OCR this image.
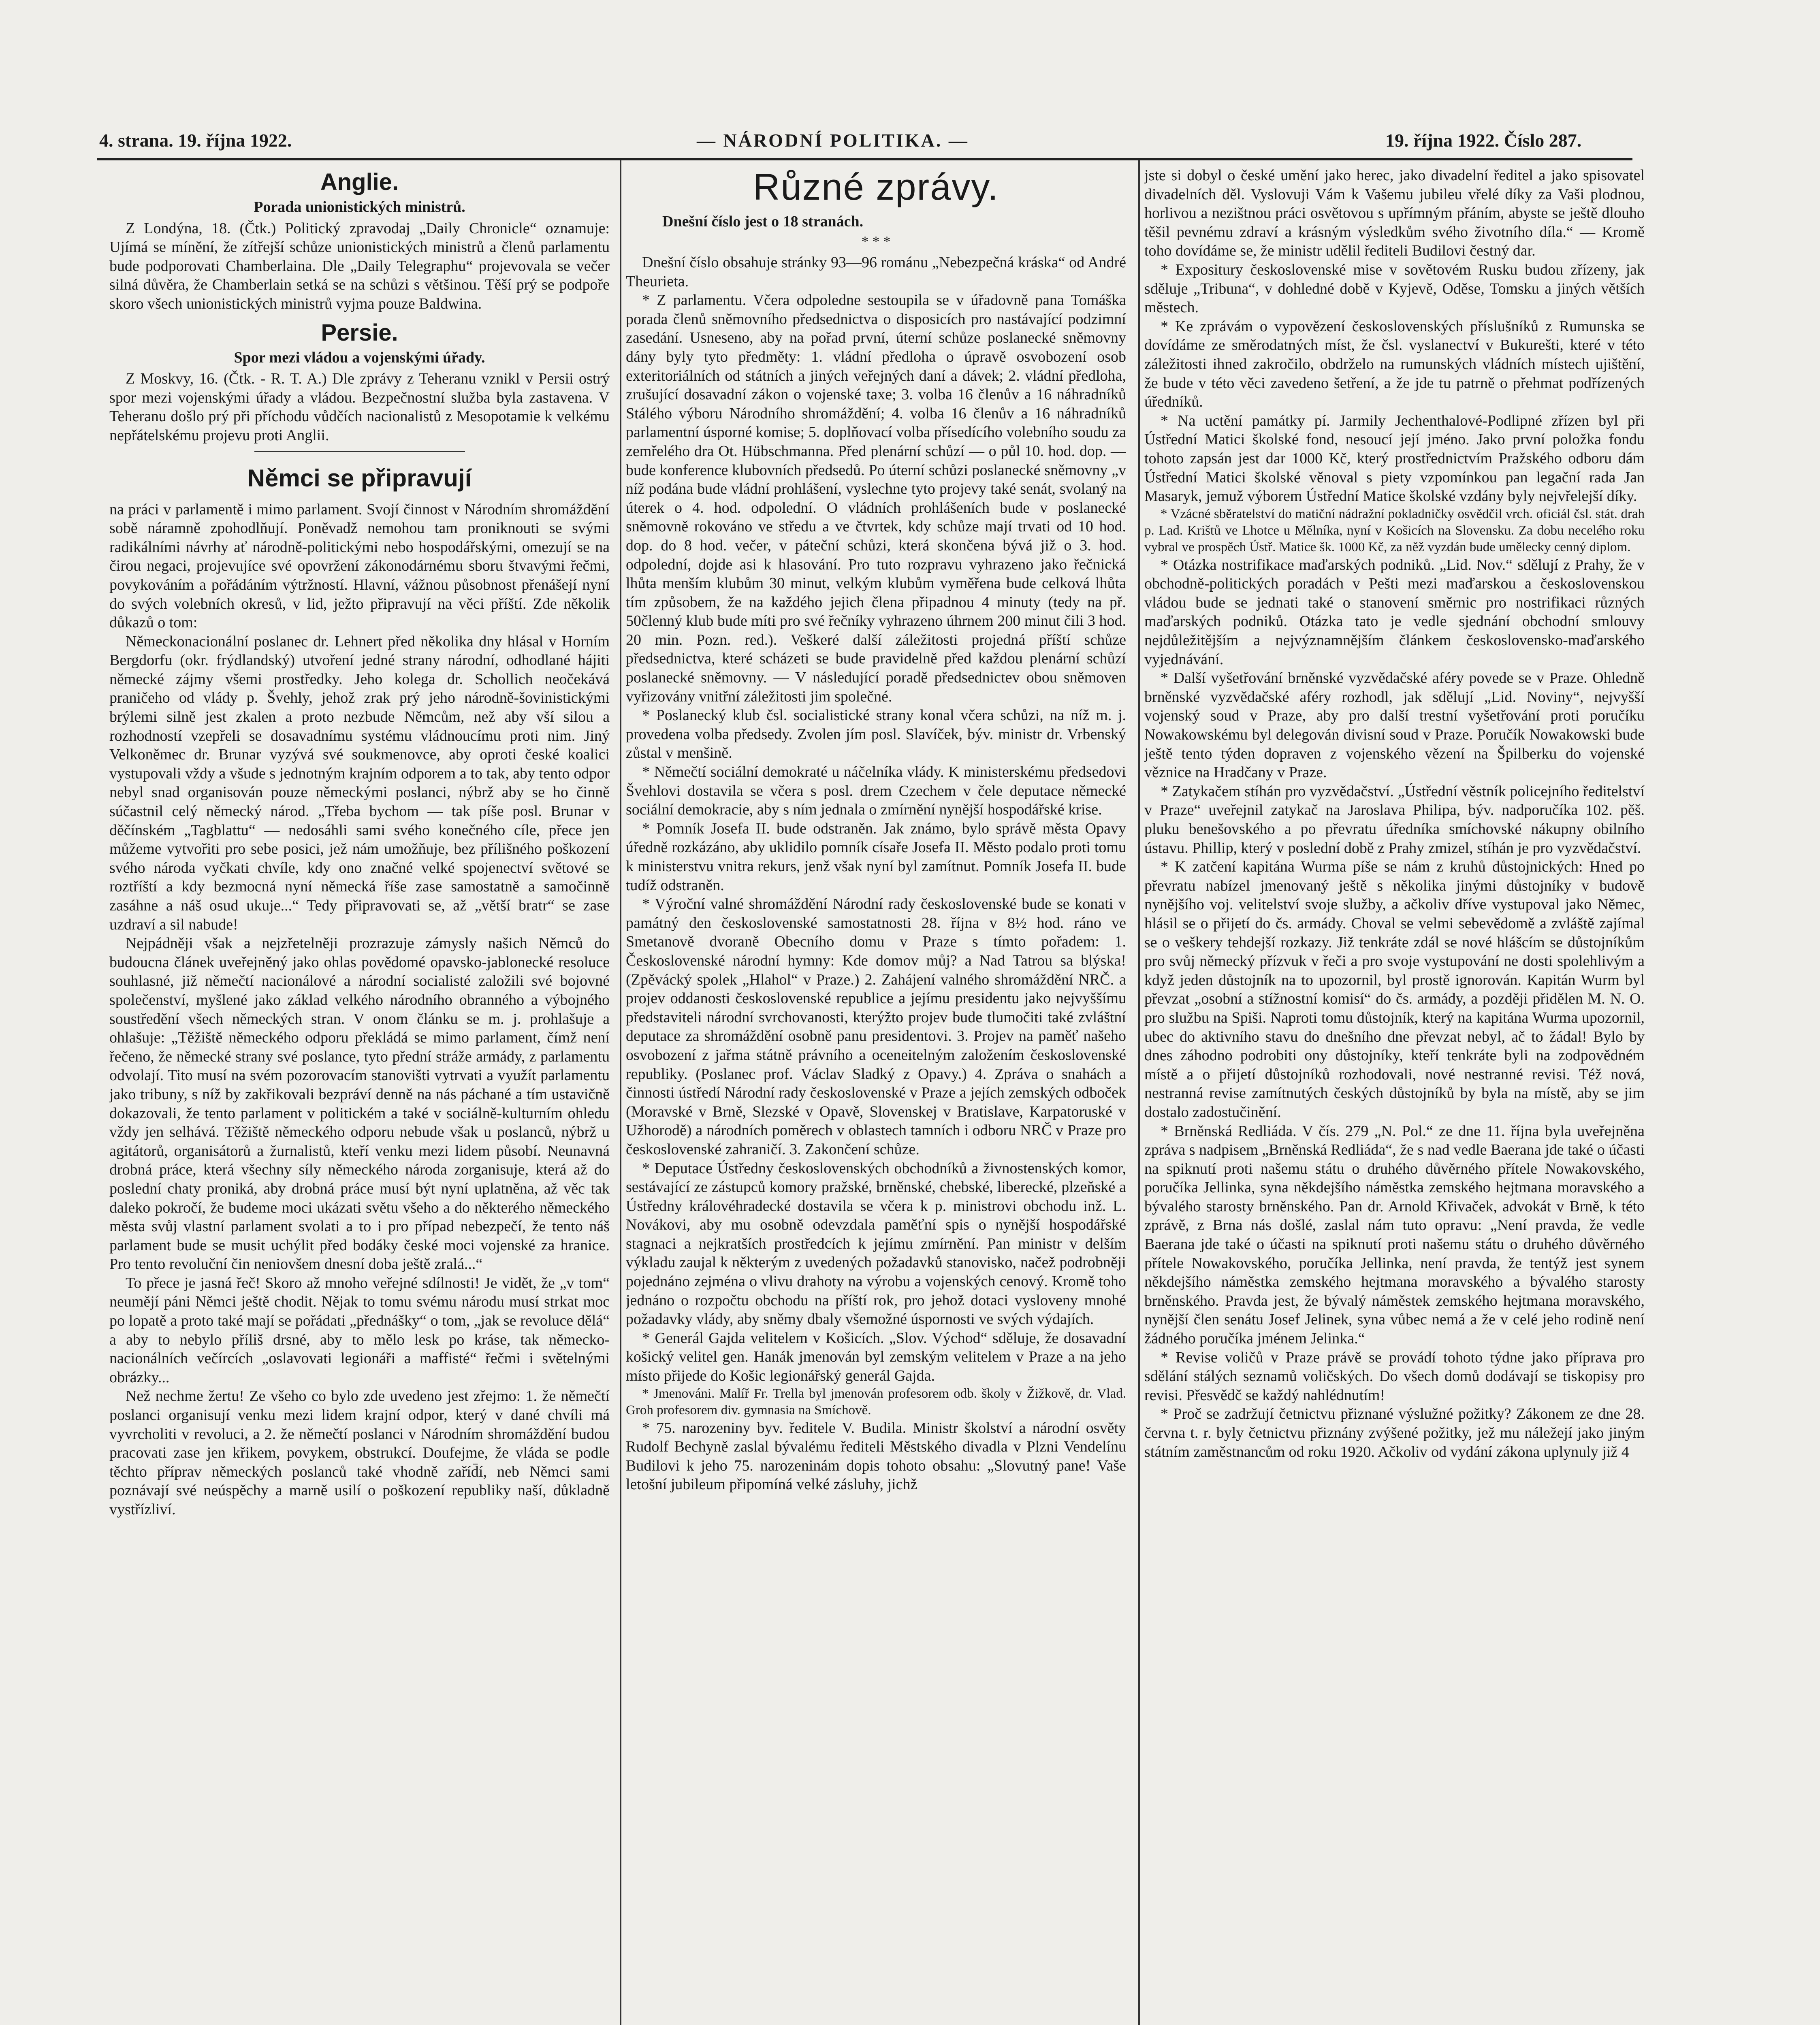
4. strana. 19. října 1922.	— NÁRODNÍ POLITIKA. —	19. října 1922. Číslo 287.
Anglie.
Porada unionistických ministrů.

Z Londýna, 18. (Čtk.) Politický zpravodaj „Daily Chronicle“ oznamuje: Ujímá se mínění, že zítřejší schůze unionistických ministrů a členů parlamentu bude podporovati Chamberlaina. Dle „Daily Telegraphu“ projevovala se večer silná důvěra, že Chamberlain setká se na schůzi s většinou. Těší prý se podpoře skoro všech unionistických ministrů vyjma pouze Baldwina.

Persie.
Spor mezi vládou a vojenskými úřady.

Z Moskvy, 16. (Čtk. - R. T. A.) Dle zprávy z Teheranu vznikl v Persii ostrý spor mezi vojenskými úřady a vládou. Bezpečnostní služba byla zastavena. V Teheranu došlo prý při příchodu vůdčích nacionalistů z Mesopotamie k velkému nepřátelskému projevu proti Anglii.

Němci se připravují

na práci v parlamentě i mimo parlament. Svojí činnost v Národním shromáždění sobě náramně zpohodlňují. Poněvadž nemohou tam proniknouti se svými radikálními návrhy ať národně-politickými nebo hospodářskými, omezují se na čirou negaci, projevujíce své opovržení zákonodárnému sboru štvavými řečmi, povykováním a pořádáním výtržností. Hlavní, vážnou působnost přenášejí nyní do svých volebních okresů, v lid, ježto připravují na věci příští. Zde několik důkazů o tom:

Německonacionální poslanec dr. Lehnert před několika dny hlásal v Horním Bergdorfu (okr. frýdlandský) utvoření jedné strany národní, odhodlané hájiti německé zájmy všemi prostředky. Jeho kolega dr. Schollich neočekává praničeho od vlády p. Švehly, jehož zrak prý jeho národně-šovinistickými brýlemi silně jest zkalen a proto nezbude Němcům, než aby vší silou a rozhodností vzepřeli se dosavadnímu systému vládnoucímu proti nim. Jiný Velkoněmec dr. Brunar vyzývá své soukmenovce, aby oproti české koalici vystupovali vždy a všude s jednotným krajním odporem a to tak, aby tento odpor nebyl snad organisován pouze německými poslanci, nýbrž aby se ho činně súčastnil celý německý národ. „Třeba bychom — tak píše posl. Brunar v děčínském „Tagblattu“ — nedosáhli sami svého konečného cíle, přece jen můžeme vytvořiti pro sebe posici, jež nám umožňuje, bez přílišného poškození svého národa vyčkati chvíle, kdy ono značné velké spojenectví světové se roztříští a kdy bezmocná nyní německá říše zase samostatně a samočinně zasáhne a náš osud ukuje...“ Tedy připravovati se, až „větší bratr“ se zase uzdraví a sil nabude!

Nejpádněji však a nejzřetelněji prozrazuje zámysly našich Němců do budoucna článek uveřejněný jako ohlas povědomé opavsko-jablonecké resoluce souhlasné, již němečtí nacionálové a národní socialisté založili své bojovné společenství, myšlené jako základ velkého národního obranného a výbojného soustředění všech německých stran. V onom článku se m. j. prohlašuje a ohlašuje: „Těžiště německého odporu překládá se mimo parlament, čímž není řečeno, že německé strany své poslance, tyto přední stráže armády, z parlamentu odvolají. Tito musí na svém pozorovacím stanovišti vytrvati a využít parlamentu jako tribuny, s níž by zakřikovali bezpráví denně na nás páchané a tím ustavičně dokazovali, že tento parlament v politickém a také v sociálně-kulturním ohledu vždy jen selhává. Těžiště německého odporu nebude však u poslanců, nýbrž u agitátorů, organisátorů a žurnalistů, kteří venku mezi lidem působí. Neunavná drobná práce, která všechny síly německého národa zorganisuje, která až do poslední chaty proniká, aby drobná práce musí být nyní uplatněna, až věc tak daleko pokročí, že budeme moci ukázati světu všeho a do některého německého města svůj vlastní parlament svolati a to i pro případ nebezpečí, že tento náš parlament bude se musit uchýlit před bodáky české moci vojenské za hranice. Pro tento revoluční čin neniovšem dnesní doba ještě zralá...“

To přece je jasná řeč! Skoro až mnoho veřejné sdílnosti! Je vidět, že „v tom“ neumějí páni Němci ještě chodit. Nějak to tomu svému národu musí strkat moc po lopatě a proto také mají se pořádati „přednášky“ o tom, „jak se revoluce dělá“ a aby to nebylo příliš drsné, aby to mělo lesk po kráse, tak německo-nacionálních večírcích „oslavovati legionáři a maffisté“ řečmi i světelnými obrázky...

Než nechme žertu! Ze všeho co bylo zde uvedeno jest zřejmo: 1. že němečtí poslanci organisují venku mezi lidem krajní odpor, který v dané chvíli má vyvrcholiti v revoluci, a 2. že němečtí poslanci v Národním shromáždění budou pracovati zase jen křikem, povykem, obstrukcí. Doufejme, že vláda se podle těchto příprav německých poslanců také vhodně zaříd̄í, neb Němci sami poznávají své neúspěchy a marně usilí o poškození republiky naší, důkladně vystřízliví.

Různé zprávy.
Dnešní číslo jest o 18 stranách.
* * *

Dnešní číslo obsahuje stránky 93—96 románu „Nebezpečná kráska“ od André Theurieta.

* Z parlamentu. Včera odpoledne sestoupila se v úřadovně pana Tomáška porada členů sněmovního předsednictva o disposicích pro nastávající podzimní zasedání. Usneseno, aby na pořad první, úterní schůze poslanecké sněmovny dány byly tyto předměty: 1. vládní předloha o úpravě osvobození osob exteritoriálních od státních a jiných veřejných daní a dávek; 2. vládní předloha, zrušující dosavadní zákon o vojenské taxe; 3. volba 16 členův a 16 náhradníků Stálého výboru Národního shromáždění; 4. volba 16 členův a 16 náhradníků parlamentní úsporné komise; 5. doplňovací volba přísedícího volebního soudu za zemřelého dra Ot. Hübschmanna. Před plenární schůzí — o půl 10. hod. dop. — bude konference klubovních předsedů. Po úterní schůzi poslanecké sněmovny „v níž podána bude vládní prohlášení, vyslechne tyto projevy také senát, svolaný na úterek o 4. hod. odpolední. O vládních prohlášeních bude v poslanecké sněmovně rokováno ve středu a ve čtvrtek, kdy schůze mají trvati od 10 hod. dop. do 8 hod. večer, v páteční schůzi, která skončena bývá již o 3. hod. odpolední, dojde asi k hlasování. Pro tuto rozpravu vyhrazeno jako řečnická lhůta menším klubům 30 minut, velkým klubům vyměřena bude celková lhůta tím způsobem, že na každého jejich člena připadnou 4 minuty (tedy na př. 50členný klub bude míti pro své řečníky vyhrazeno úhrnem 200 minut čili 3 hod. 20 min. Pozn. red.). Veškeré další záležitosti projedná příští schůze předsednictva, které scházeti se bude pravidelně před každou plenární schůzí poslanecké sněmovny. — V následující poradě předsednictev obou sněmoven vyřizovány vnitřní záležitosti jim společné.

* Poslanecký klub čsl. socialistické strany konal včera schůzi, na níž m. j. provedena volba předsedy. Zvolen jím posl. Slavíček, býv. ministr dr. Vrbenský zůstal v menšině.

* Němečtí sociální demokraté u náčelníka vlády. K ministerskému předsedovi Švehlovi dostavila se včera s posl. drem Czechem v čele deputace německé sociální demokracie, aby s ním jednala o zmírnění nynější hospodářské krise.

* Pomník Josefa II. bude odstraněn. Jak známo, bylo správě města Opavy úředně rozkázáno, aby uklidilo pomník císaře Josefa II. Město podalo proti tomu k ministerstvu vnitra rekurs, jenž však nyní byl zamítnut. Pomník Josefa II. bude tudíž odstraněn.

* Výroční valné shromáždění Národní rady československé bude se konati v památný den československé samostatnosti 28. října v 8½ hod. ráno ve Smetanově dvoraně Obecního domu v Praze s tímto pořadem: 1. Československé národní hymny: Kde domov můj? a Nad Tatrou sa blýska! (Zpěvácký spolek „Hlahol“ v Praze.) 2. Zahájení valného shromáždění NRČ. a projev oddanosti československé republice a jejímu presidentu jako nejvyššímu představiteli národní svrchovanosti, kterýžto projev bude tlumočiti také zvláštní deputace za shromáždění osobně panu presidentovi. 3. Projev na paměť našeho osvobození z jařma státně právního a oceneitelným založením československé republiky. (Poslanec prof. Václav Sladký z Opavy.) 4. Zpráva o snahách a činnosti ústředí Národní rady československé v Praze a jejích zemských odboček (Moravské v Brně, Slezské v Opavě, Slovenskej v Bratislave, Karpatoruské v Užhorodě) a národních poměrech v oblastech tamních i odboru NRČ v Praze pro československé zahraničí. 3. Zakončení schůze.

* Deputace Ústředny československých obchodníků a živnostenských komor, sestávající ze zástupců komory pražské, brněnské, chebské, liberecké, plzeňské a Ústředny královéhradecké dostavila se včera k p. ministrovi obchodu inž. L. Novákovi, aby mu osobně odevzdala paměťní spis o nynější hospodářské stagnaci a nejkratších prostředcích k jejímu zmírnění. Pan ministr v delším výkladu zaujal k některým z uvedených požadavků stanovisko, načež podrobněji pojednáno zejména o vlivu drahoty na výrobu a vojenských cenový. Kromě toho jednáno o rozpočtu obchodu na příští rok, pro jehož dotaci vysloveny mnohé požadavky vlády, aby sněmy dbaly všemožné úspornosti ve svých výdajích.

* Generál Gajda velitelem v Košicích. „Slov. Východ“ sděluje, že dosavadní košický velitel gen. Hanák jmenován byl zemským velitelem v Praze a na jeho místo přijede do Košic legionářský generál Gajda.

* Jmenováni. Malíř Fr. Trella byl jmenován profesorem odb. školy v Žižkově, dr. Vlad. Groh profesorem div. gymnasia na Smíchově.

* 75. narozeniny byv. ředitele V. Budila. Ministr školství a národní osvěty Rudolf Bechyně zaslal bývalému řediteli Městského divadla v Plzni Vendelínu Budilovi k jeho 75. narozeninám dopis tohoto obsahu: „Slovutný pane! Vaše letošní jubileum připomíná velké zásluhy, jichž

jste si dobyl o české umění jako herec, jako divadelní ředitel a jako spisovatel divadelních děl. Vyslovuji Vám k Vašemu jubileu vřelé díky za Vaši plodnou, horlivou a nezištnou práci osvětovou s upřímným přáním, abyste se ještě dlouho těšil pevnému zdraví a krásným výsledkům svého životního díla.“ — Kromě toho dovídáme se, že ministr udělil řediteli Budilovi čestný dar.

* Expositury československé mise v sovětovém Rusku budou zřízeny, jak sděluje „Tribuna“, v dohledné době v Kyjevě, Oděse, Tomsku a jiných větších městech.

* Ke zprávám o vypovězení československých příslušníků z Rumunska se dovídáme ze směrodatných míst, že čsl. vyslanectví v Bukurešti, které v této záležitosti ihned zakročilo, obdrželo na rumunských vládních místech ujištění, že bude v této věci zavedeno šetření, a že jde tu patrně o přehmat podřízených úředníků.

* Na uctění památky pí. Jarmily Jechenthalové-Podlipné zřízen byl při Ústřední Matici školské fond, nesoucí její jméno. Jako první položka fondu tohoto zapsán jest dar 1000 Kč, který prostřednictvím Pražského odboru dám Ústřední Matici školské věnoval s piety vzpomínkou pan legační rada Jan Masaryk, jemuž výborem Ústřední Matice školské vzdány byly nejvřelejší díky.

* Vzácné sběratelství do matiční nádražní pokladničky osvědčil vrch. oficiál čsl. stát. drah p. Lad. Krištů ve Lhotce u Mělníka, nyní v Košicích na Slovensku. Za dobu necelého roku vybral ve prospěch Ústř. Matice šk. 1000 Kč, za něž vyzdán bude umělecky cenný diplom.

* Otázka nostrifikace maďarských podniků. „Lid. Nov.“ sdělují z Prahy, že v obchodně-politických poradách v Pešti mezi maďarskou a československou vládou bude se jednati také o stanovení směrnic pro nostrifikaci různých maďarských podniků. Otázka tato je vedle sjednání obchodní smlouvy nejdůležitějším a nejvýznamnějším článkem československo-maďarského vyjednávání.

* Další vyšetřování brněnské vyzvědačské aféry povede se v Praze. Ohledně brněnské vyzvědačské aféry rozhodl, jak sdělují „Lid. Noviny“, nejvyšší vojenský soud v Praze, aby pro další trestní vyšetřování proti poručíku Nowakowskému byl delegován divisní soud v Praze. Poručík Nowakowski bude ještě tento týden dopraven z vojenského vězení na Špilberku do vojenské věznice na Hradčany v Praze.

* Zatykačem stíhán pro vyzvědačství. „Ústřední věstník policejního ředitelství v Praze“ uveřejnil zatykač na Jaroslava Philipa, býv. nadporučíka 102. pěš. pluku benešovského a po převratu úředníka smíchovské nákupny obilního ústavu. Phillip, který v poslední době z Prahy zmizel, stíhán je pro vyzvědačství.

* K zatčení kapitána Wurma píše se nám z kruhů důstojnických: Hned po převratu nabízel jmenovaný ještě s několika jinými důstojníky v budově nynějšího voj. velitelství svoje služby, a ačkoliv dříve vystupoval jako Němec, hlásil se o přijetí do čs. armády. Choval se velmi sebevědomě a zvláště zajímal se o veškery tehdejší rozkazy. Již tenkráte zdál se nové hlášcím se důstojníkům pro svůj německý přízvuk v řeči a pro svoje vystupování ne dosti spolehlivým a když jeden důstojník na to upozornil, byl prostě ignorován. Kapitán Wurm byl převzat „osobní a stížnostní komisí“ do čs. armády, a později přidělen M. N. O. pro službu na Spiši. Naproti tomu důstojník, který na kapitána Wurma upozornil, ubec do aktivního stavu do dnešního dne převzat nebyl, ač to žádal! Bylo by dnes záhodno podrobiti ony důstojníky, kteří tenkráte byli na zodpovědném místě a o přijetí důstojníků rozhodovali, nové nestranné revisi. Též nová, nestranná revise zamítnutých českých důstojníků by byla na místě, aby se jim dostalo zadostučinění.

* Brněnská Redliáda. V čís. 279 „N. Pol.“ ze dne 11. října byla uveřejněna zpráva s nadpisem „Brněnská Redliáda“, že s nad vedle Baerana jde také o účasti na spiknutí proti našemu státu o druhého důvěrného přítele Nowakovského, poručíka Jellinka, syna někdejšího náměstka zemského hejtmana moravského a bývalého starosty brněnského. Pan dr. Arnold Křivaček, advokát v Brně, k této zprávě, z Brna nás došlé, zaslal nám tuto opravu: „Není pravda, že vedle Baerana jde také o účasti na spiknutí proti našemu státu o druhého důvěrného přítele Nowakovského, poručíka Jellinka, není pravda, že tentýž jest synem někdejšího náměstka zemského hejtmana moravského a bývalého starosty brněnského. Pravda jest, že bývalý náměstek zemského hejtmana moravského, nynější člen senátu Josef Jelinek, syna vůbec nemá a že v celé jeho rodině není žádného poručíka jménem Jelinka.“

* Revise voličů v Praze právě se provádí tohoto týdne jako příprava pro sdělání stálých seznamů voličských. Do všech domů dodávají se tiskopisy pro revisi. Přesvědč se každý nahlédnutím!

* Proč se zadržují četnictvu přiznané výslužné požitky? Zákonem ze dne 28. června t. r. byly četnictvu přiznány zvýšené požitky, jež mu náležejí jako jiným státním zaměstnancům od roku 1920. Ačkoliv od vydání zákona uplynuly již 4
